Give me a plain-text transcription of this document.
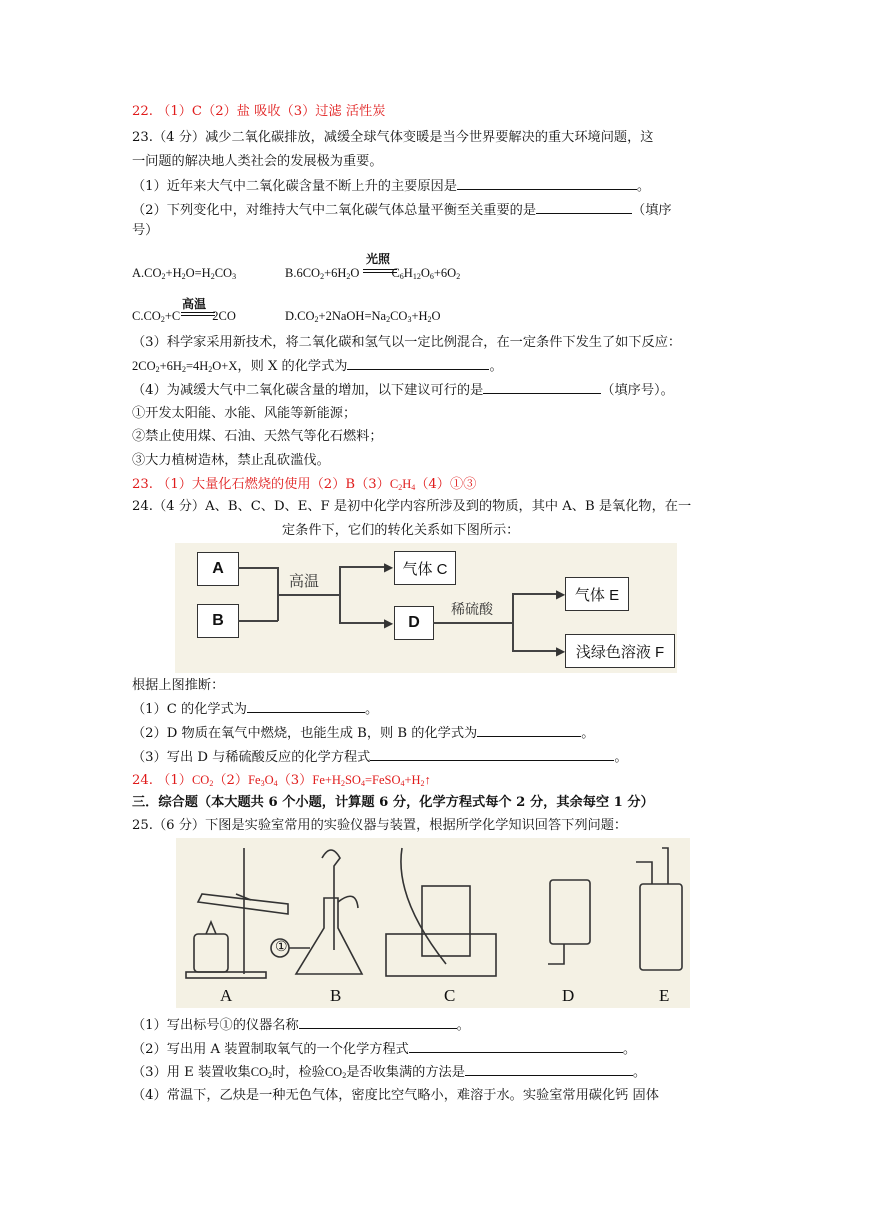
22. （1）C（2）盐 吸收（3）过滤 活性炭
23.（4 分）减少二氧化碳排放，减缓全球气体变暖是当今世界要解决的重大环境问题，这
一问题的解决地人类社会的发展极为重要。
（1）近年来大气中二氧化碳含量不断上升的主要原因是	。
（2）下列变化中，对维持大气中二氧化碳气体总量平衡至关重要的是	（填序
号）
$A.CO_2+H_2O=H_2CO_3$	$B.6CO_2+6H_2O$	$C_6H_{12}O_6+6O_2$
光照
$C.CO_2+C$	2CO
高温
$D.CO_2+2NaOH=Na_2CO_3+H_2O$
（3）科学家采用新技术，将二氧化碳和氢气以一定比例混合，在一定条件下发生了如下反应：
$2CO_2+6H_2=4H_2O+X$，则 X 的化学式为	。
（4）为减缓大气中二氧化碳含量的增加，以下建议可行的是	（填序号）。
①开发太阳能、水能、风能等新能源；
②禁止使用煤、石油、天然气等化石燃料；
③大力植树造林，禁止乱砍滥伐。
23. （1）大量化石燃烧的使用$(2)B(3)C_2H_4(4)①③$
24.（4 分）A、B、C、D、E、F 是初中化学内容所涉及到的物质，其中 A、B 是氧化物，在一
定条件下，它们的转化关系如下图所示：
A
B
高温
▶
▶
气体 C
D
稀硫酸
▶
▶
气体 E
浅绿色溶液 F
根据上图推断：
（1）C 的化学式为	。
（2）D 物质在氧气中燃烧，也能生成 B，则 B 的化学式为	。
（3）写出 D 与稀硫酸反应的化学方程式	。
24. $(1)CO_2(2)Fe_3O_4(3)Fe+H_2SO_4=FeSO_4+H_2↑$
三．综合题（本大题共 6 个小题，计算题 6 分，化学方程式每个 2 分，其余每空 1 分）
25.（6 分）下图是实验室常用的实验仪器与装置，根据所学化学知识回答下列问题：
①
A	B	C	D	E
（1）写出标号①的仪器名称	。
（2）写出用 A 装置制取氧气的一个化学方程式	。
（3）用 E 装置收集$CO_2$时，检验$CO_2$是否收集满的方法是	。
（4）常温下，乙炔是一种无色气体，密度比空气略小，难溶于水。实验室常用碳化钙 固体
